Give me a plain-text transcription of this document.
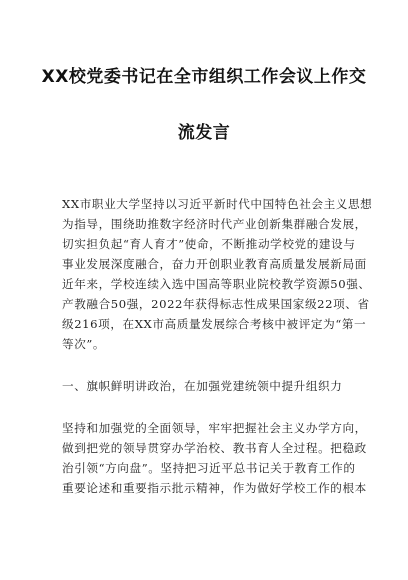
XX校党委书记在全市组织工作会议上作交
流发言
XX市职业大学坚持以习近平新时代中国特色社会主义思想
为指导，围绕助推数字经济时代产业创新集群融合发展，
切实担负起“育人育才”使命，不断推动学校党的建设与
事业发展深度融合，奋力开创职业教育高质量发展新局面
近年来，学校连续入选中国高等职业院校教学资源50强、
产教融合50强，2022年获得标志性成果国家级22项、省
级216项，在XX市高质量发展综合考核中被评定为“第一
等次”。
一、旗帜鲜明讲政治，在加强党建统领中提升组织力
坚持和加强党的全面领导，牢牢把握社会主义办学方向，
做到把党的领导贯穿办学治校、教书育人全过程。把稳政
治引领“方向盘”。坚持把习近平总书记关于教育工作的
重要论述和重要指示批示精神，作为做好学校工作的根本
